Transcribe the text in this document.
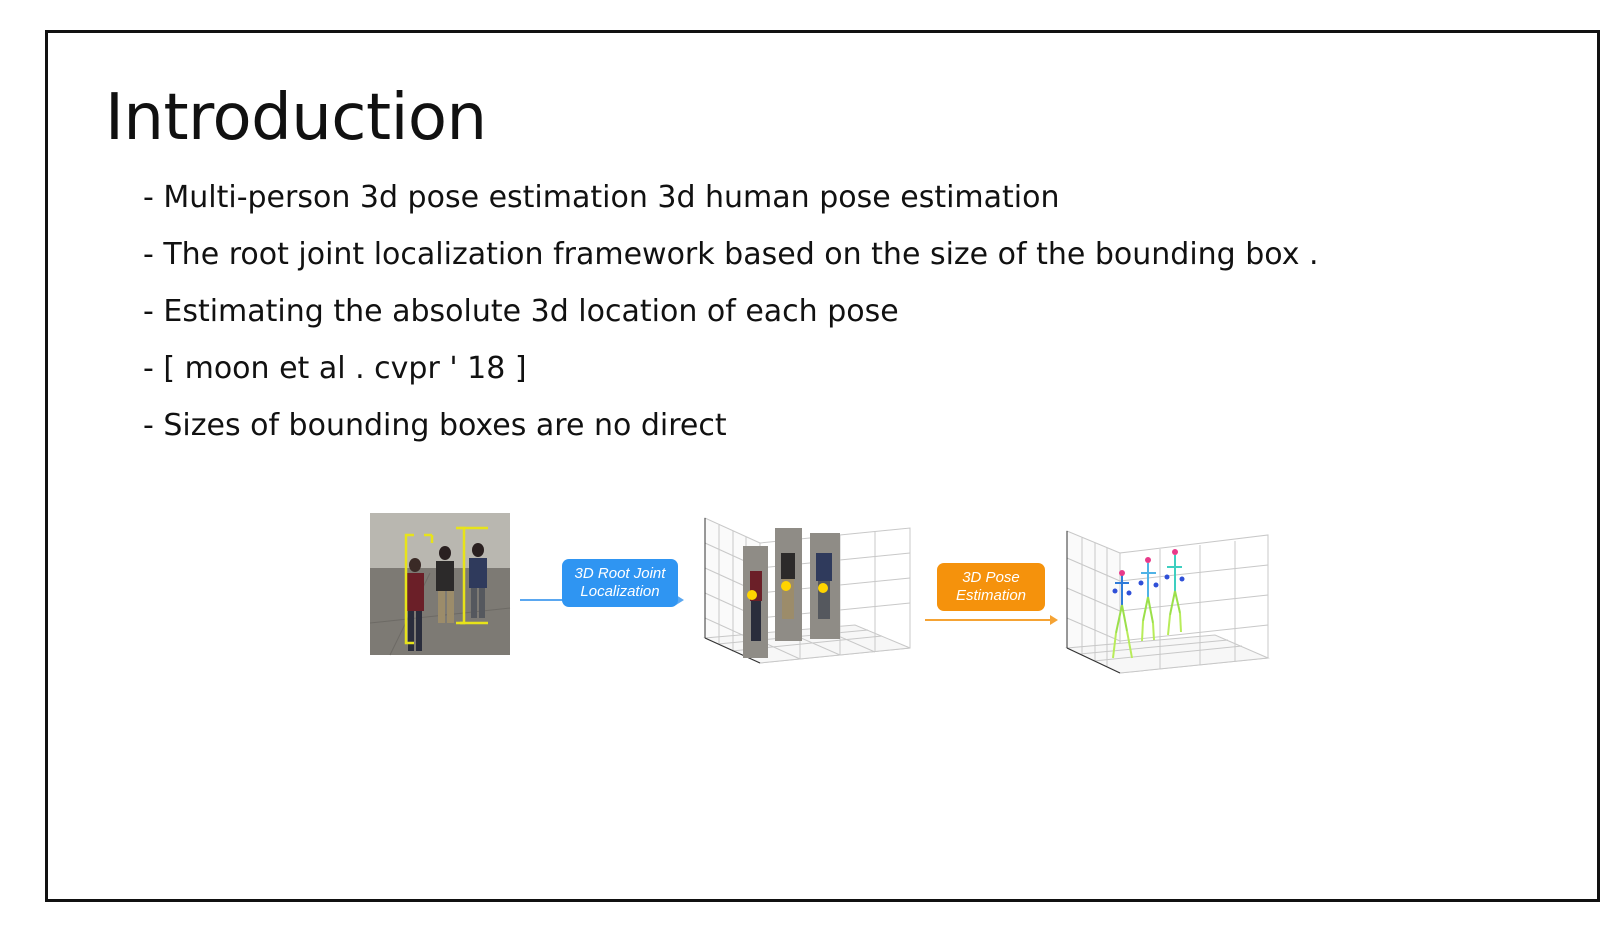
Introduction
- Multi-person 3d pose estimation 3d human pose estimation
- The root joint localization framework based on the size of the bounding box .
- Estimating the absolute 3d location of each pose
- [ moon et al . cvpr ' 18 ]
- Sizes of bounding boxes are no direct
3D Root Joint
Localization
3D Pose
Estimation
